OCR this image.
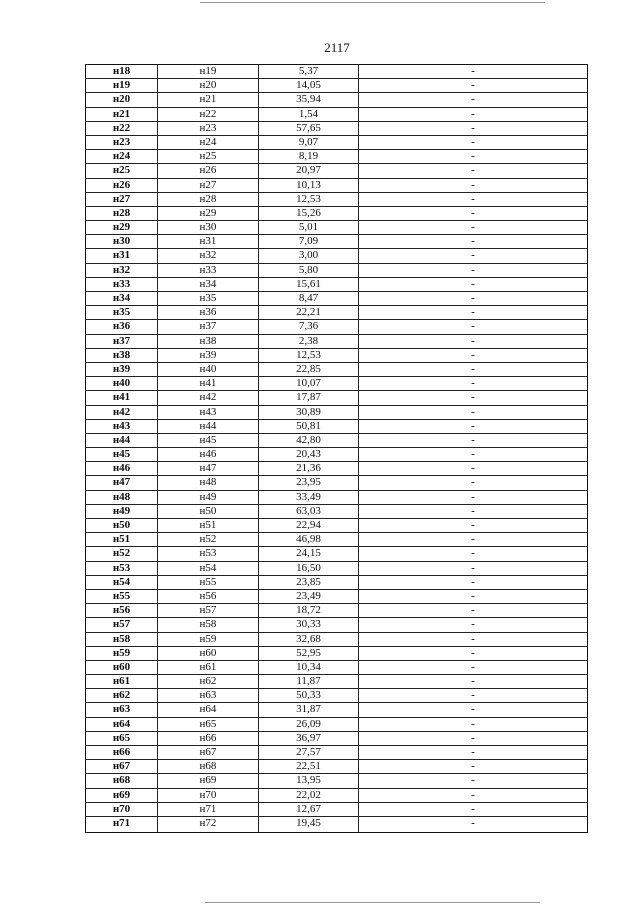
2117
н18	н19	5,37	-
н19	н20	14,05	-
н20	н21	35,94	-
н21	н22	1,54	-
н22	н23	57,65	-
н23	н24	9,07	-
н24	н25	8,19	-
н25	н26	20,97	-
н26	н27	10,13	-
н27	н28	12,53	-
н28	н29	15,26	-
н29	н30	5,01	-
н30	н31	7,09	-
н31	н32	3,00	-
н32	н33	5,80	-
н33	н34	15,61	-
н34	н35	8,47	-
н35	н36	22,21	-
н36	н37	7,36	-
н37	н38	2,38	-
н38	н39	12,53	-
н39	н40	22,85	-
н40	н41	10,07	-
н41	н42	17,87	-
н42	н43	30,89	-
н43	н44	50,81	-
н44	н45	42,80	-
н45	н46	20,43	-
н46	н47	21,36	-
н47	н48	23,95	-
н48	н49	33,49	-
н49	н50	63,03	-
н50	н51	22,94	-
н51	н52	46,98	-
н52	н53	24,15	-
н53	н54	16,50	-
н54	н55	23,85	-
н55	н56	23,49	-
н56	н57	18,72	-
н57	н58	30,33	-
н58	н59	32,68	-
н59	н60	52,95	-
н60	н61	10,34	-
н61	н62	11,87	-
н62	н63	50,33	-
н63	н64	31,87	-
н64	н65	26,09	-
н65	н66	36,97	-
н66	н67	27,57	-
н67	н68	22,51	-
н68	н69	13,95	-
н69	н70	22,02	-
н70	н71	12,67	-
н71	н72	19,45	-
